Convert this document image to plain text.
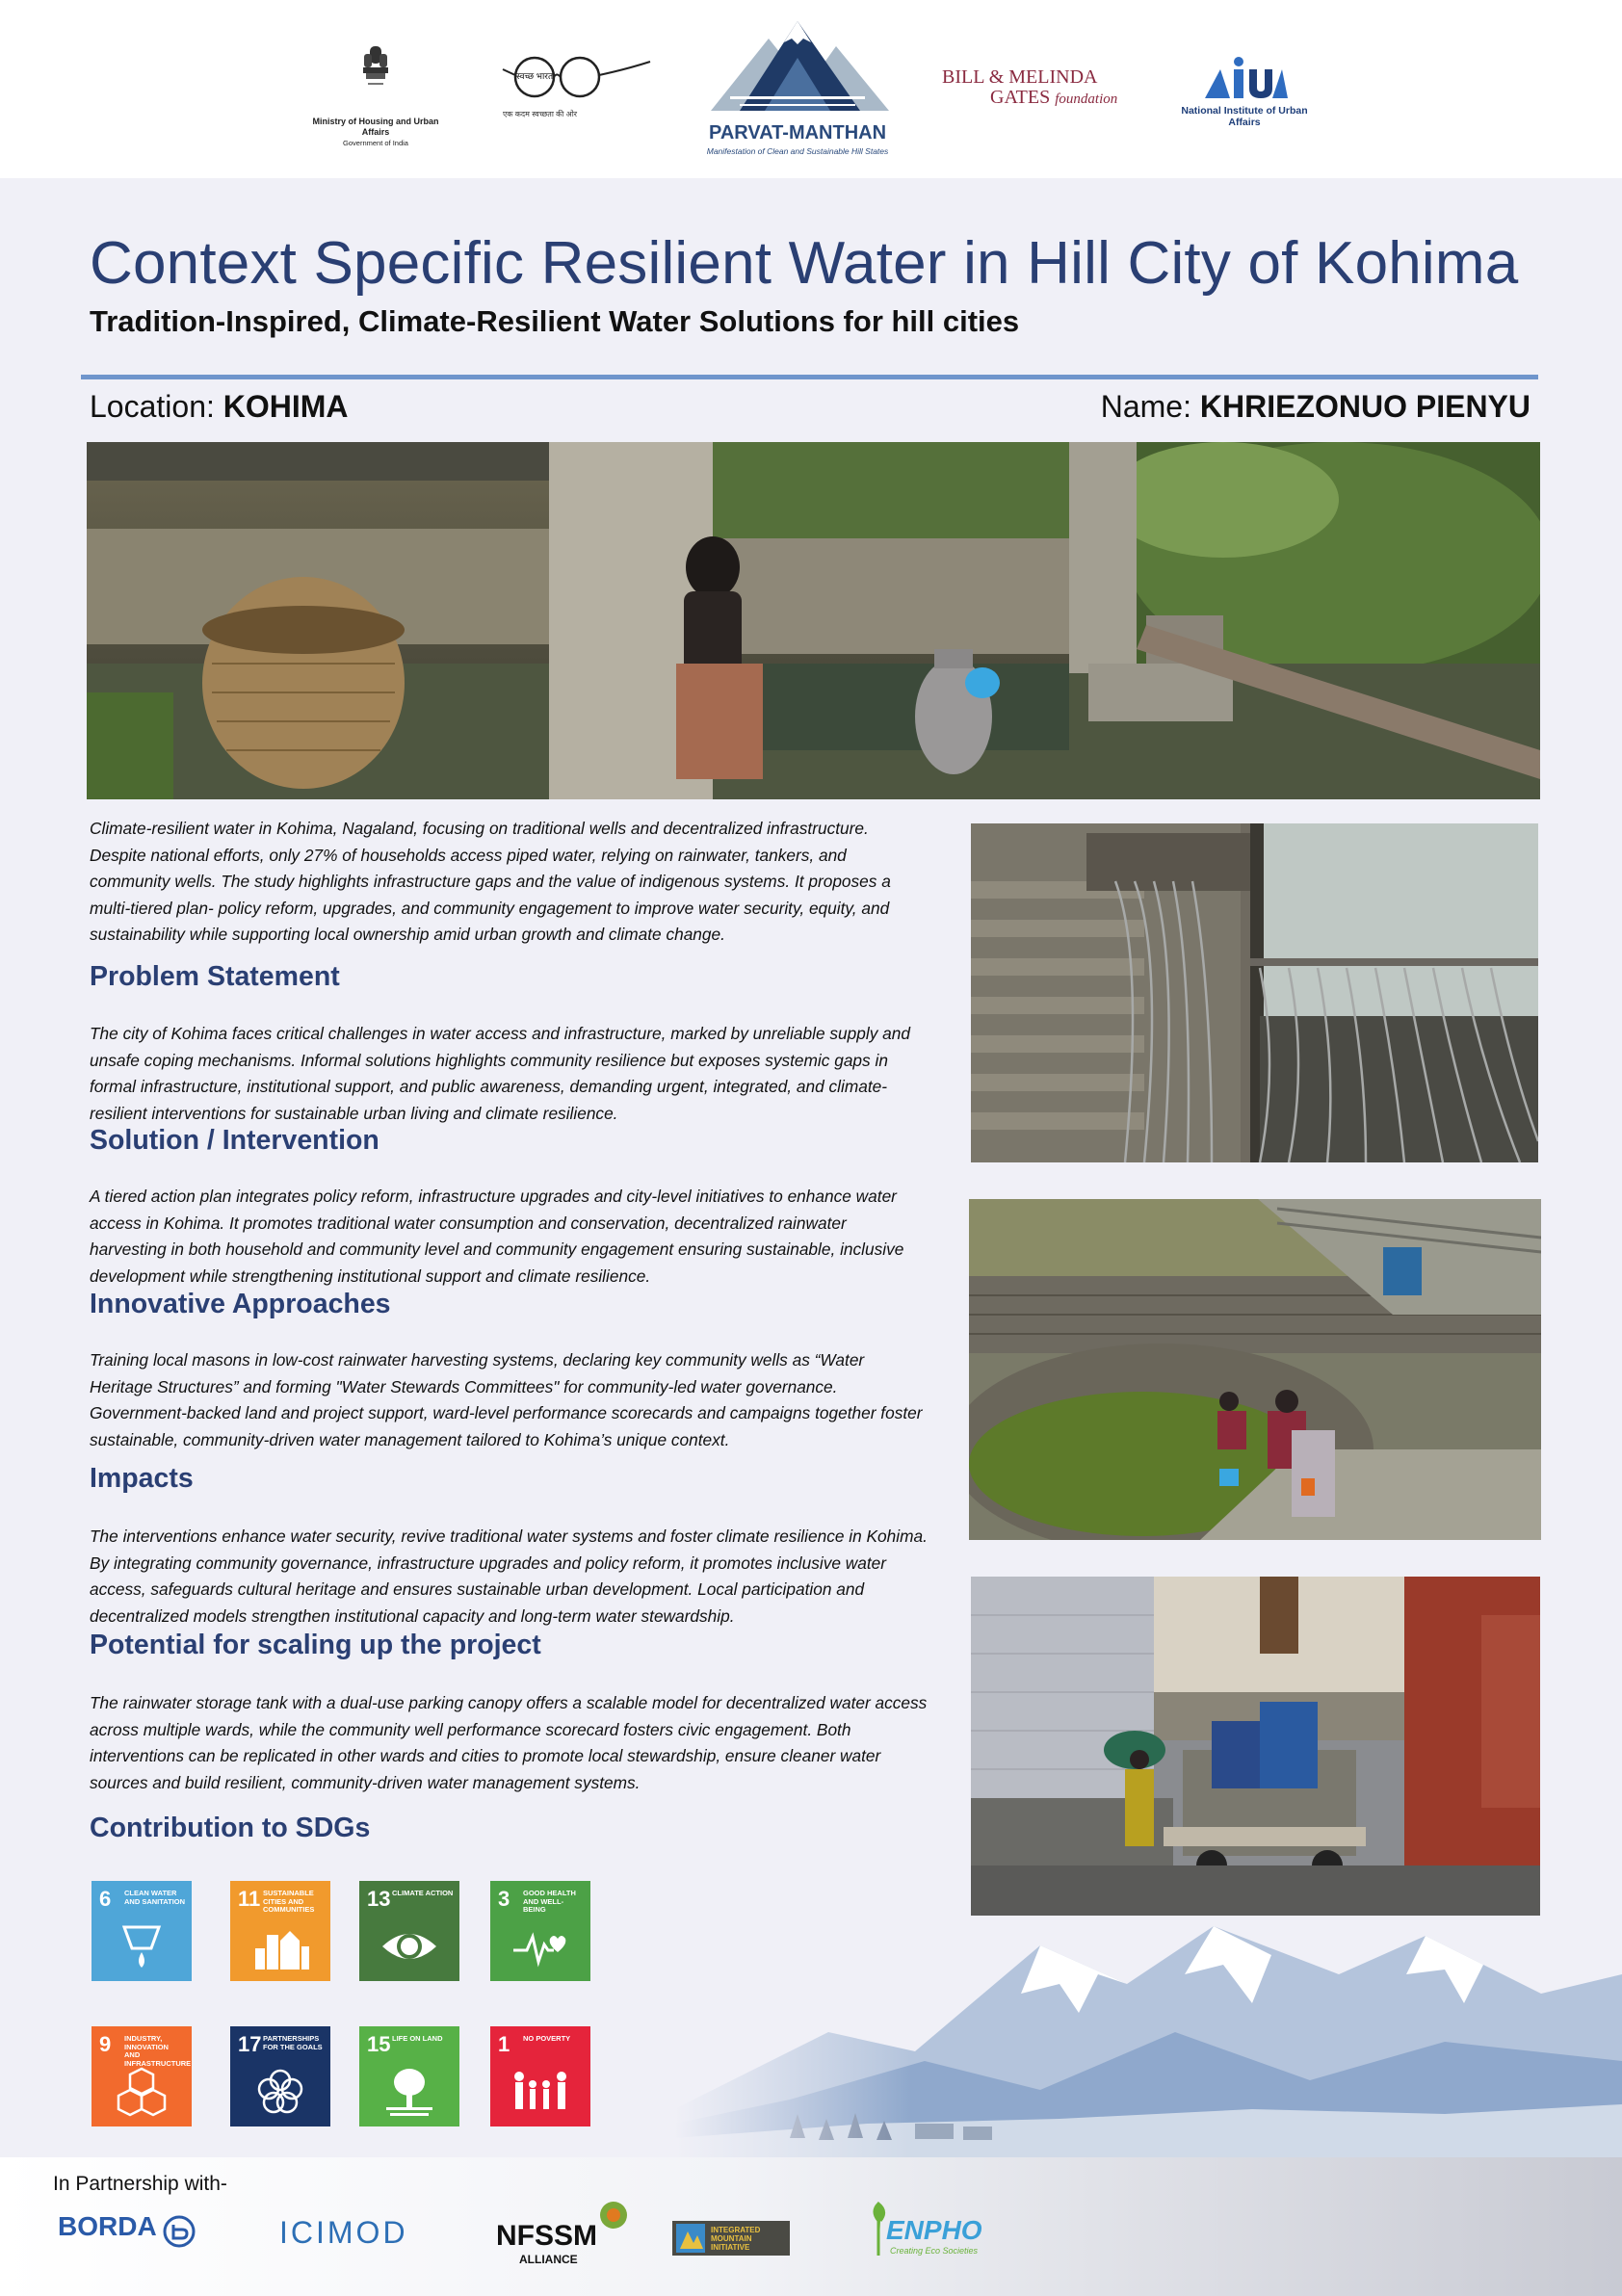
Ministry of Housing and Urban Affairs
Government of India
स्वच्छ भारत
एक कदम स्वच्छता की ओर
PARVAT-MANTHAN
Manifestation of Clean and Sustainable Hill States
BILL & MELINDA
GATES foundation
National Institute of Urban Affairs
Context Specific Resilient Water in Hill City of Kohima
Tradition-Inspired, Climate-Resilient Water Solutions for hill cities
Location: KOHIMA	Name: KHRIEZONUO PIENYU
Climate-resilient water in Kohima, Nagaland, focusing on traditional wells and decentralized infrastructure. Despite national efforts, only 27% of households access piped water, relying on rainwater, tankers, and community wells. The study highlights infrastructure gaps and the value of indigenous systems. It proposes a multi-tiered plan- policy reform, upgrades, and community engagement to improve water security, equity, and sustainability while supporting local ownership amid urban growth and climate change.
Problem Statement
The city of Kohima faces critical challenges in water access and infrastructure, marked by unreliable supply and unsafe coping mechanisms. Informal solutions highlights community resilience but exposes systemic gaps in formal infrastructure, institutional support, and public awareness, demanding urgent, integrated, and climate-resilient interventions for sustainable urban living and climate resilience.
Solution / Intervention
A tiered action plan integrates policy reform, infrastructure upgrades and city-level initiatives to enhance water access in Kohima. It promotes traditional water consumption and conservation, decentralized rainwater harvesting in both household and community level and community engagement ensuring sustainable, inclusive development while strengthening institutional support and climate resilience.
Innovative Approaches
Training local masons in low-cost rainwater harvesting systems, declaring key community wells as “Water Heritage Structures” and forming "Water Stewards Committees" for community-led water governance. Government-backed land and project support, ward-level performance scorecards and campaigns together foster sustainable, community-driven water management tailored to Kohima’s unique context.
Impacts
The interventions enhance water security, revive traditional water systems and foster climate resilience in Kohima. By integrating community governance, infrastructure upgrades and policy reform, it promotes inclusive water access, safeguards cultural heritage and ensures sustainable urban development. Local participation and decentralized models strengthen institutional capacity and long-term water stewardship.
Potential for scaling up the project
The rainwater storage tank with a dual-use parking canopy offers a scalable model for decentralized water access across multiple wards, while the community well performance scorecard fosters civic engagement. Both interventions can be replicated in other wards and cities to promote local stewardship, ensure cleaner water sources and build resilient, community-driven water management systems.
Contribution to SDGs
6 CLEAN WATER AND SANITATION 11 SUSTAINABLE CITIES AND COMMUNITIES	13 CLIMATE ACTION 3 GOOD HEALTH AND WELL-BEING
9 INDUSTRY, INNOVATION AND INFRASTRUCTURE
17 PARTNERSHIPS FOR THE GOALS 15 LIFE ON LAND	1 NO POVERTY
In Partnership with-
BORDA	ICIMOD	NFSSM
ALLIANCE
INTEGRATED
MOUNTAIN
INITIATIVE
ENPHO
Creating Eco Societies
